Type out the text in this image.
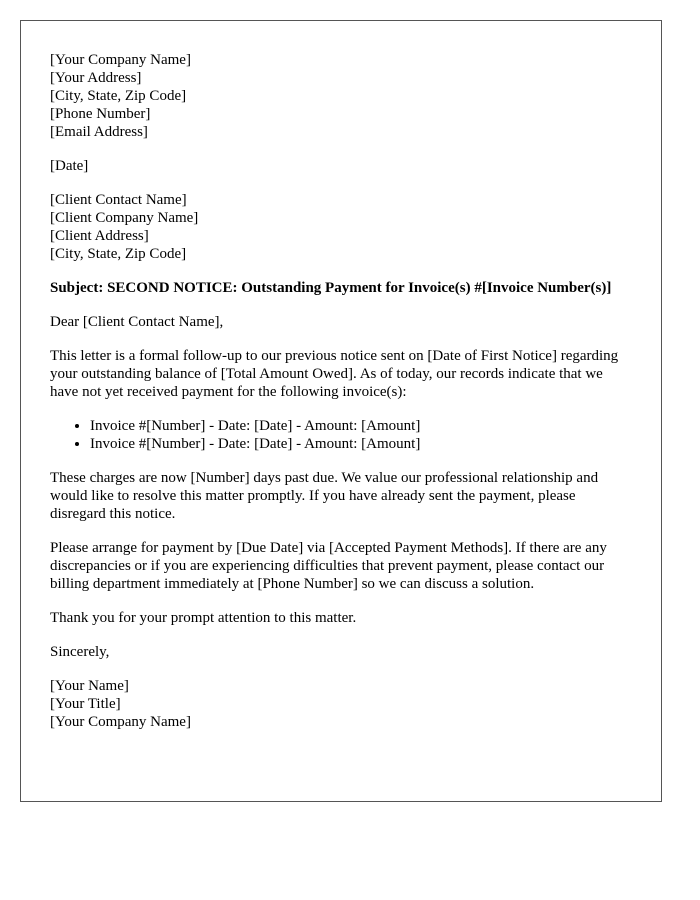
[Your Company Name]
[Your Address]
[City, State, Zip Code]
[Phone Number]
[Email Address]
[Date]
[Client Contact Name]
[Client Company Name]
[Client Address]
[City, State, Zip Code]

Subject: SECOND NOTICE: Outstanding Payment for Invoice(s) #[Invoice Number(s)]

Dear [Client Contact Name],

This letter is a formal follow-up to our previous notice sent on [Date of First Notice] regarding your outstanding balance of [Total Amount Owed]. As of today, our records indicate that we have not yet received payment for the following invoice(s):

• Invoice #[Number] - Date: [Date] - Amount: [Amount]
• Invoice #[Number] - Date: [Date] - Amount: [Amount]

These charges are now [Number] days past due. We value our professional relationship and would like to resolve this matter promptly. If you have already sent the payment, please disregard this notice.

Please arrange for payment by [Due Date] via [Accepted Payment Methods]. If there are any discrepancies or if you are experiencing difficulties that prevent payment, please contact our billing department immediately at [Phone Number] so we can discuss a solution.

Thank you for your prompt attention to this matter.

Sincerely,

[Your Name]
[Your Title]
[Your Company Name]
